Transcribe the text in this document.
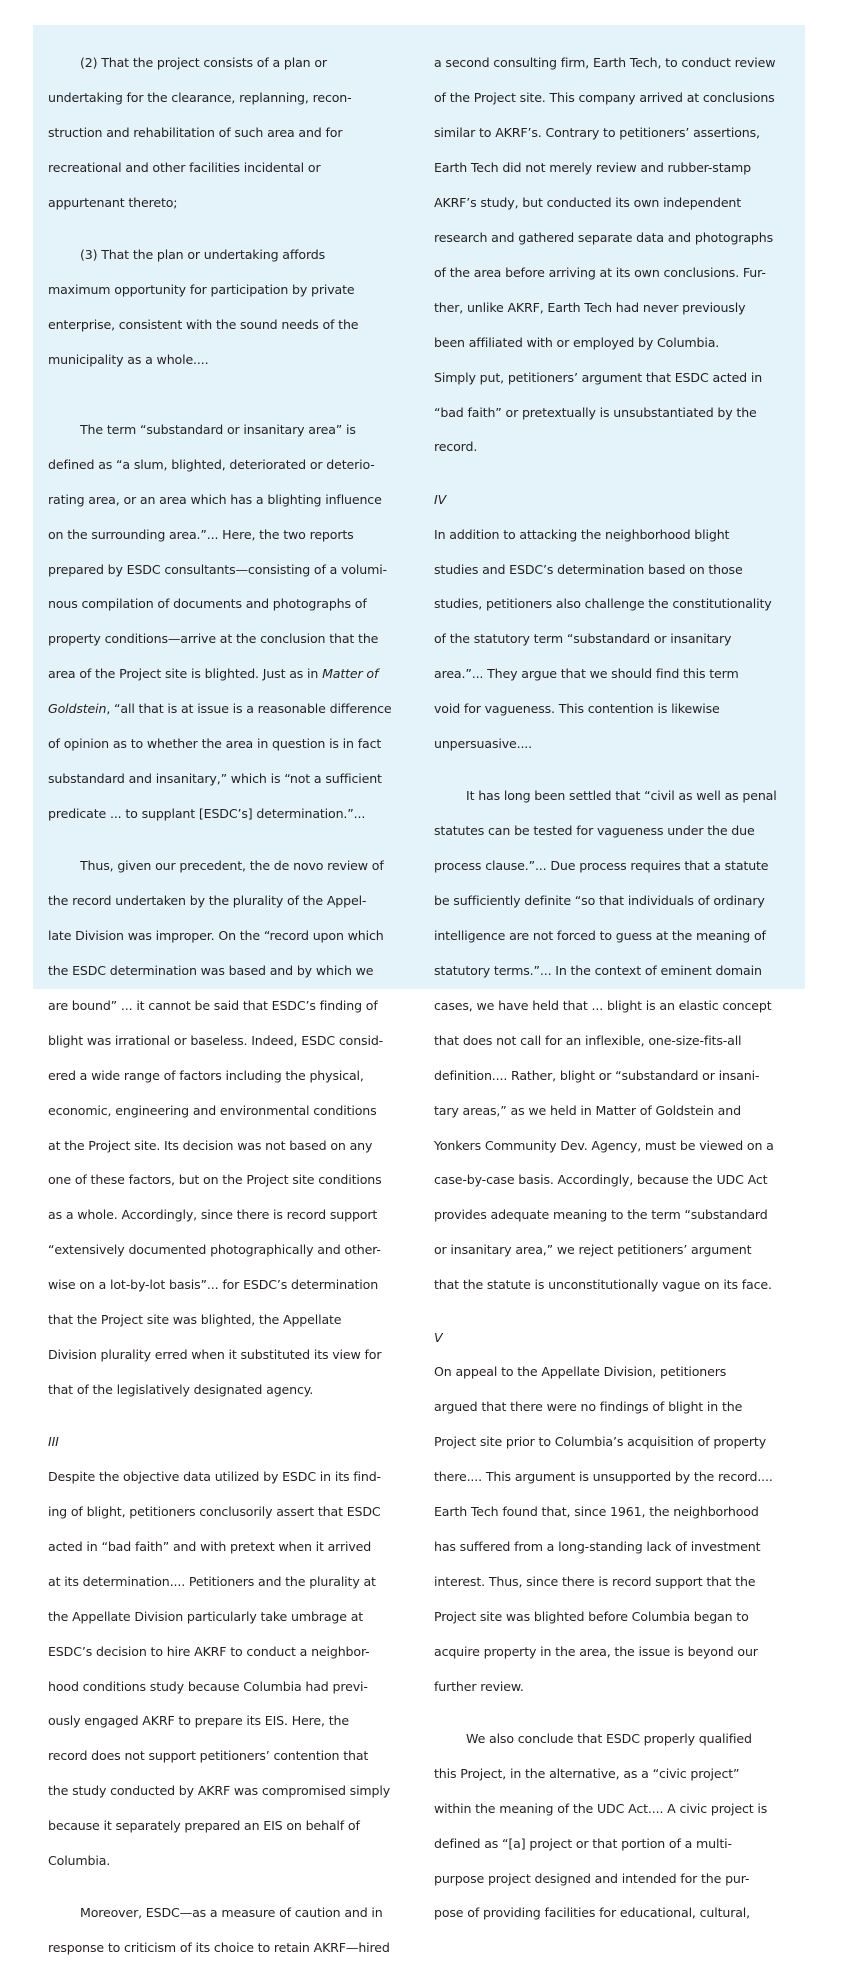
(2) That the project consists of a plan or

undertaking for the clearance, replanning, recon-

struction and rehabilitation of such area and for

recreational and other facilities incidental or

appurtenant thereto;

(3) That the plan or undertaking affords

maximum opportunity for participation by private

enterprise, consistent with the sound needs of the

municipality as a whole....

The term “substandard or insanitary area” is

defined as “a slum, blighted, deteriorated or deterio-

rating area, or an area which has a blighting influence

on the surrounding area.”... Here, the two reports

prepared by ESDC consultants—consisting of a volumi-

nous compilation of documents and photographs of

property conditions—arrive at the conclusion that the

area of the Project site is blighted. Just as in Matter of

Goldstein, “all that is at issue is a reasonable difference

of opinion as to whether the area in question is in fact

substandard and insanitary,” which is “not a sufficient

predicate ... to supplant [ESDC’s] determination.”...

Thus, given our precedent, the de novo review of

the record undertaken by the plurality of the Appel-

late Division was improper. On the “record upon which

the ESDC determination was based and by which we

are bound” ... it cannot be said that ESDC’s finding of

blight was irrational or baseless. Indeed, ESDC consid-

ered a wide range of factors including the physical,

economic, engineering and environmental conditions

at the Project site. Its decision was not based on any

one of these factors, but on the Project site conditions

as a whole. Accordingly, since there is record support

“extensively documented photographically and other-

wise on a lot-by-lot basis”... for ESDC’s determination

that the Project site was blighted, the Appellate

Division plurality erred when it substituted its view for

that of the legislatively designated agency.

III

Despite the objective data utilized by ESDC in its find-

ing of blight, petitioners conclusorily assert that ESDC

acted in “bad faith” and with pretext when it arrived

at its determination.... Petitioners and the plurality at

the Appellate Division particularly take umbrage at

ESDC’s decision to hire AKRF to conduct a neighbor-

hood conditions study because Columbia had previ-

ously engaged AKRF to prepare its EIS. Here, the

record does not support petitioners’ contention that

the study conducted by AKRF was compromised simply

because it separately prepared an EIS on behalf of

Columbia.

Moreover, ESDC—as a measure of caution and in

response to criticism of its choice to retain AKRF—hired

a second consulting firm, Earth Tech, to conduct review

of the Project site. This company arrived at conclusions

similar to AKRF’s. Contrary to petitioners’ assertions,

Earth Tech did not merely review and rubber-stamp

AKRF’s study, but conducted its own independent

research and gathered separate data and photographs

of the area before arriving at its own conclusions. Fur-

ther, unlike AKRF, Earth Tech had never previously

been affiliated with or employed by Columbia.

Simply put, petitioners’ argument that ESDC acted in

“bad faith” or pretextually is unsubstantiated by the

record.

IV

In addition to attacking the neighborhood blight

studies and ESDC’s determination based on those

studies, petitioners also challenge the constitutionality

of the statutory term “substandard or insanitary

area.”... They argue that we should find this term

void for vagueness. This contention is likewise

unpersuasive....

It has long been settled that “civil as well as penal

statutes can be tested for vagueness under the due

process clause.”... Due process requires that a statute

be sufficiently definite “so that individuals of ordinary

intelligence are not forced to guess at the meaning of

statutory terms.”... In the context of eminent domain

cases, we have held that ... blight is an elastic concept

that does not call for an inflexible, one-size-fits-all

definition.... Rather, blight or “substandard or insani-

tary areas,” as we held in Matter of Goldstein and

Yonkers Community Dev. Agency, must be viewed on a

case-by-case basis. Accordingly, because the UDC Act

provides adequate meaning to the term “substandard

or insanitary area,” we reject petitioners’ argument

that the statute is unconstitutionally vague on its face.

V

On appeal to the Appellate Division, petitioners

argued that there were no findings of blight in the

Project site prior to Columbia’s acquisition of property

there.... This argument is unsupported by the record....

Earth Tech found that, since 1961, the neighborhood

has suffered from a long-standing lack of investment

interest. Thus, since there is record support that the

Project site was blighted before Columbia began to

acquire property in the area, the issue is beyond our

further review.

We also conclude that ESDC properly qualified

this Project, in the alternative, as a “civic project”

within the meaning of the UDC Act.... A civic project is

defined as “[a] project or that portion of a multi-

purpose project designed and intended for the pur-

pose of providing facilities for educational, cultural,
